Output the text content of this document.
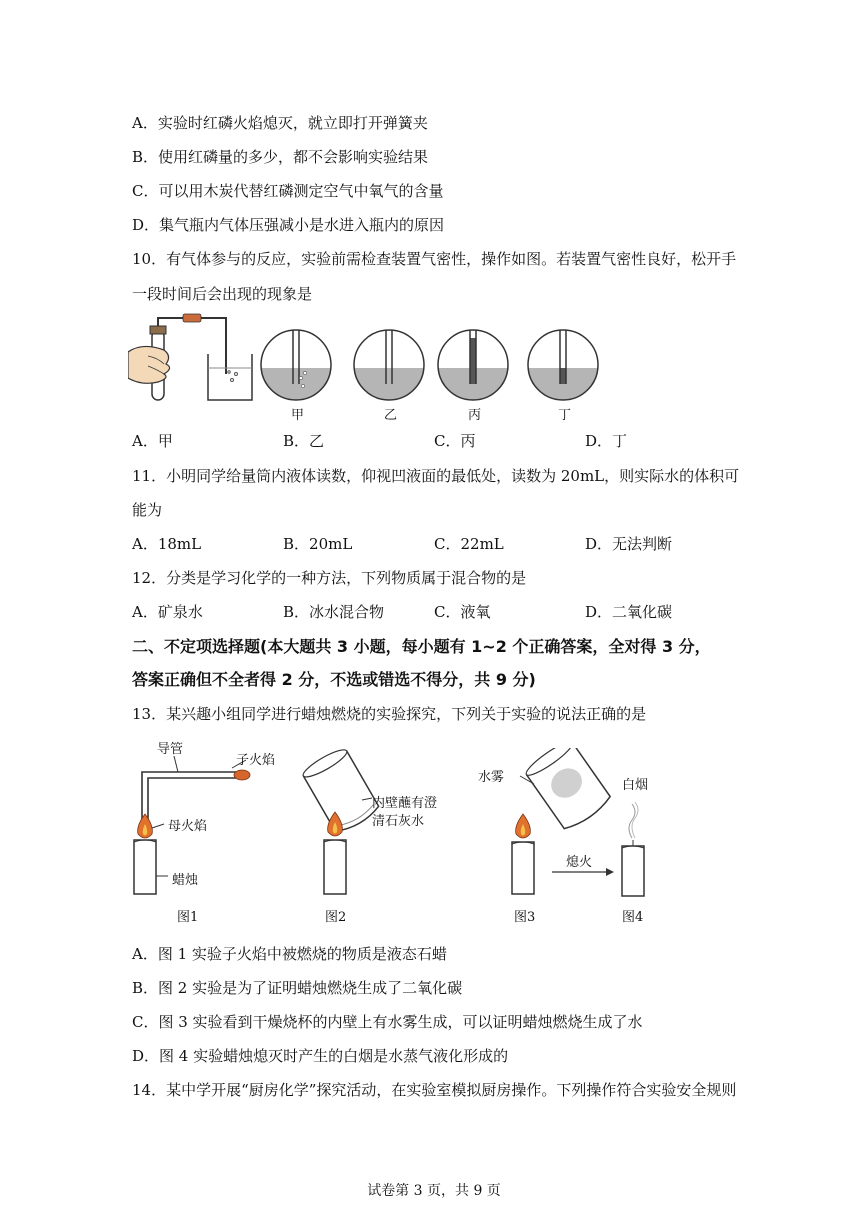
A．实验时红磷火焰熄灭，就立即打开弹簧夹
B．使用红磷量的多少，都不会影响实验结果
C．可以用木炭代替红磷测定空气中氧气的含量
D．集气瓶内气体压强减小是水进入瓶内的原因
10．有气体参与的反应，实验前需检查装置气密性，操作如图。若装置气密性良好，松开手
一段时间后会出现的现象是
甲	乙	丙	丁
A．甲	B．乙	C．丙	D．丁
11．小明同学给量筒内液体读数，仰视凹液面的最低处，读数为 20mL，则实际水的体积可
能为
A．18mL	B．20mL	C．22mL	D．无法判断
12．分类是学习化学的一种方法，下列物质属于混合物的是
A．矿泉水	B．冰水混合物	C．液氧	D．二氧化碳
二、不定项选择题(本大题共 3 小题，每小题有 1~2 个正确答案，全对得 3 分，
答案正确但不全者得 2 分，不选或错选不得分，共 9 分)
13．某兴趣小组同学进行蜡烛燃烧的实验探究，下列关于实验的说法正确的是
导管
子火焰
母火焰
蜡烛
内壁蘸有澄
清石灰水
水雾
熄火
白烟
图1	图2	图3	图4
A．图 1 实验子火焰中被燃烧的物质是液态石蜡
B．图 2 实验是为了证明蜡烛燃烧生成了二氧化碳
C．图 3 实验看到干燥烧杯的内壁上有水雾生成，可以证明蜡烛燃烧生成了水
D．图 4 实验蜡烛熄灭时产生的白烟是水蒸气液化形成的
14．某中学开展“厨房化学”探究活动，在实验室模拟厨房操作。下列操作符合实验安全规则
试卷第 3 页，共 9 页
